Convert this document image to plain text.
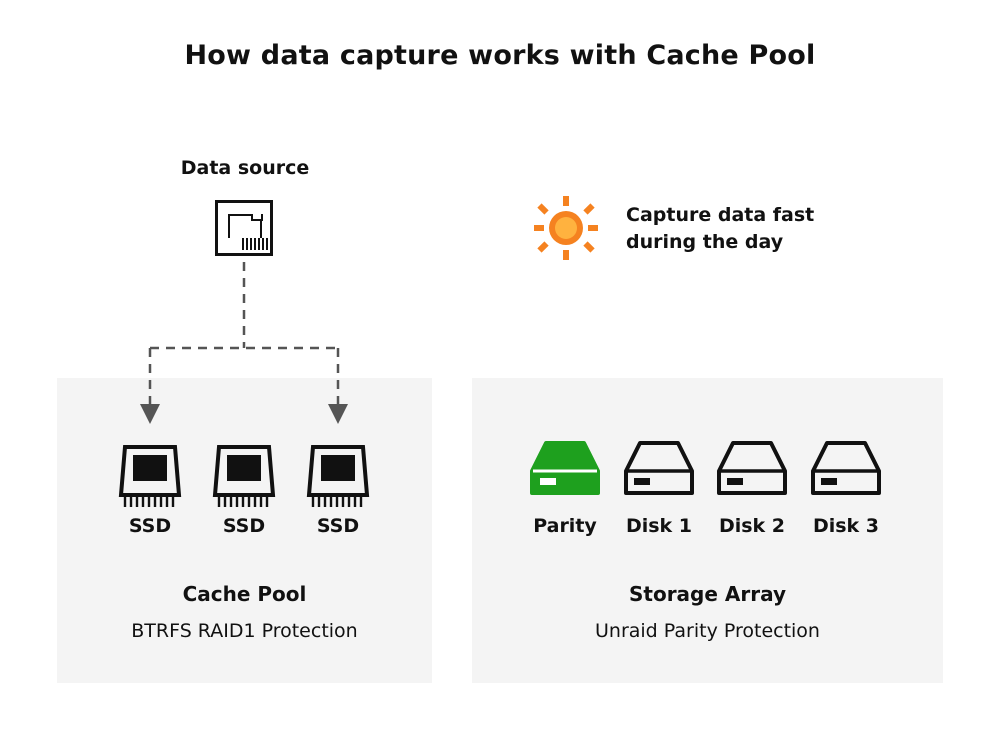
How data capture works with Cache Pool
Cache Pool
BTRFS RAID1 Protection
Storage Array
Unraid Parity Protection
Data source
Capture data fast
during the day
SSD	SSD	SSD	Parity	Disk 1	Disk 2	Disk 3
